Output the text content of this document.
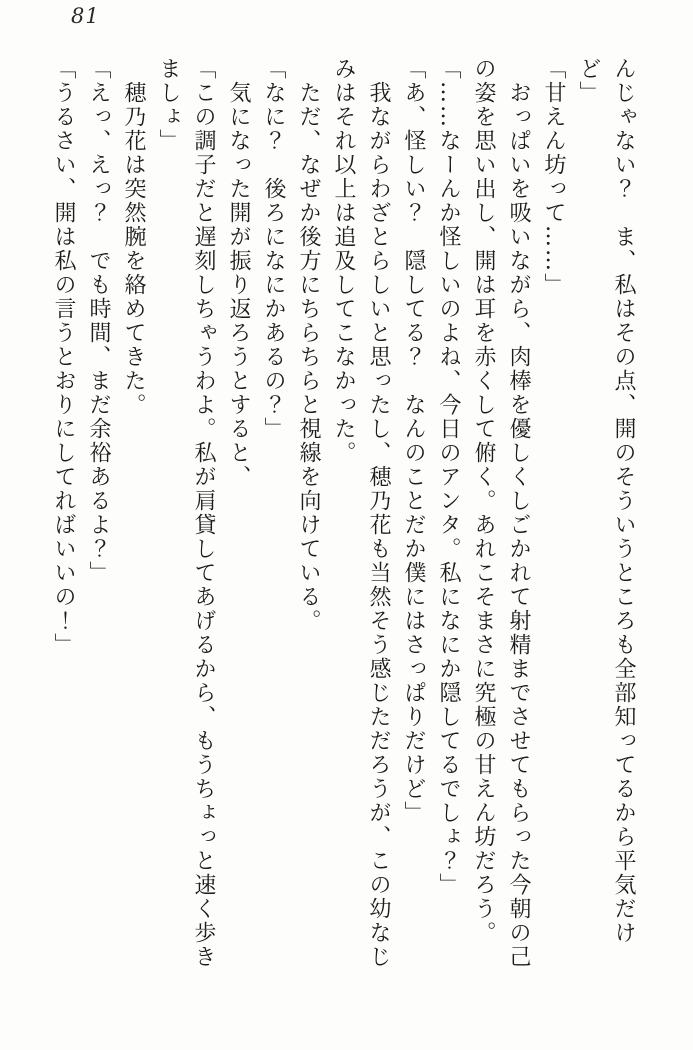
81

んじゃない？　ま、私はその点、開のそういうところも全部知ってるから平気だけ

ど」

「甘えん坊って……」

　おっぱいを吸いながら、肉棒を優しくしごかれて射精までさせてもらった今朝の己

の姿を思い出し、開は耳を赤くして俯く。あれこそまさに究極の甘えん坊だろう。

「……なーんか怪しいのよね、今日のアンタ。私になにか隠してるでしょ？」

「あ、怪しい？　隠してる？　なんのことだか僕にはさっぱりだけど」

　我ながらわざとらしいと思ったし、穂乃花も当然そう感じただろうが、この幼なじ

みはそれ以上は追及してこなかった。

　ただ、なぜか後方にちらちらと視線を向けている。

「なに？　後ろになにかあるの？」

　気になった開が振り返ろうとすると、

「この調子だと遅刻しちゃうわよ。私が肩貸してあげるから、もうちょっと速く歩き

ましょ」

　穂乃花は突然腕を絡めてきた。

「えっ、えっ？　でも時間、まだ余裕あるよ？」

「うるさい、開は私の言うとおりにしてればいいの！」
